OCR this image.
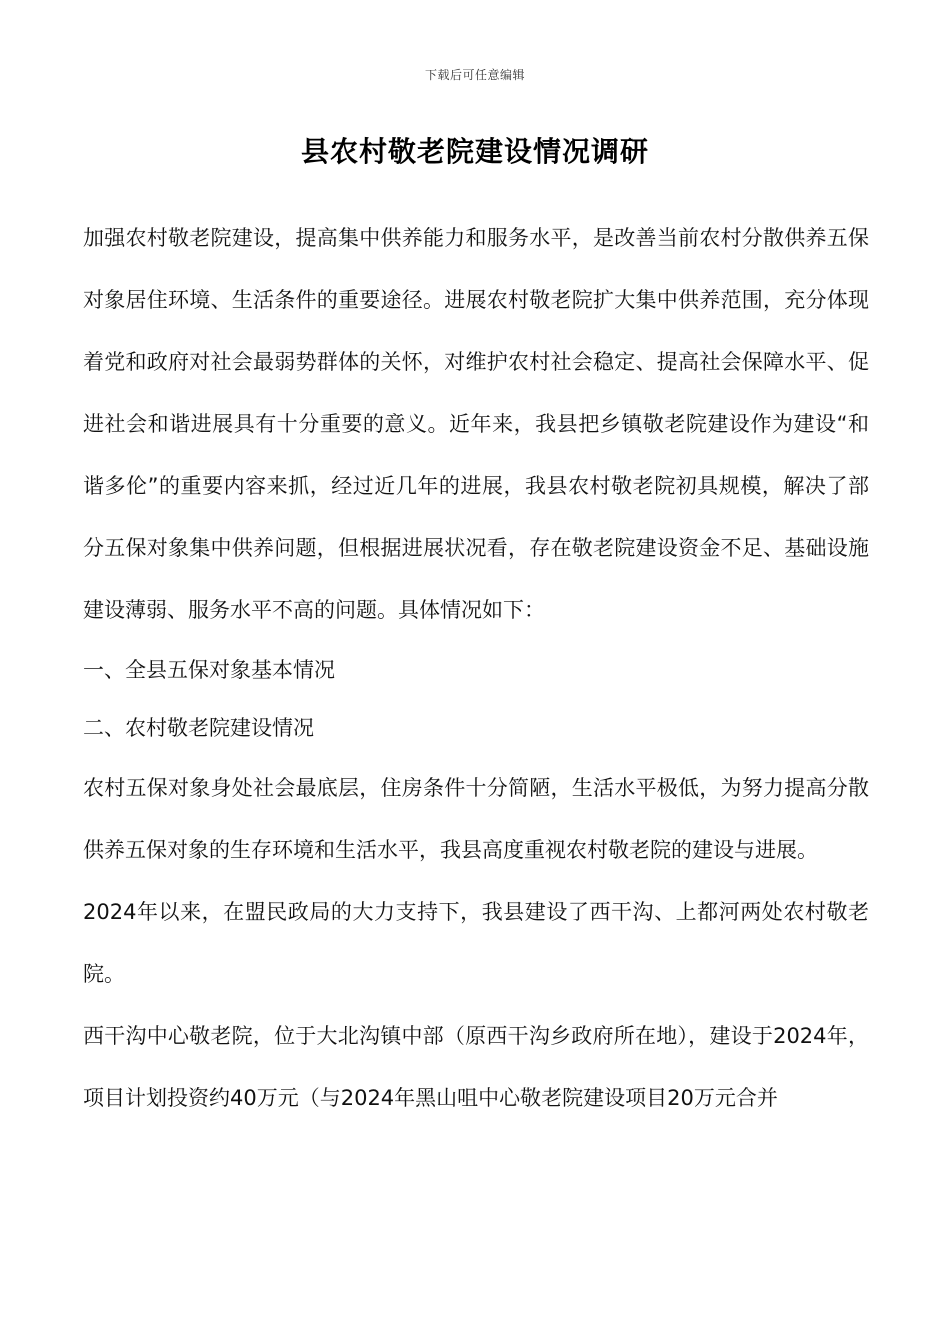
下载后可任意编辑
县农村敬老院建设情况调研

加强农村敬老院建设，提高集中供养能力和服务水平，是改善当前农村分散供养五保对象居住环境、生活条件的重要途径。进展农村敬老院扩大集中供养范围，充分体现着党和政府对社会最弱势群体的关怀，对维护农村社会稳定、提高社会保障水平、促进社会和谐进展具有十分重要的意义。近年来，我县把乡镇敬老院建设作为建设“和谐多伦”的重要内容来抓，经过近几年的进展，我县农村敬老院初具规模，解决了部分五保对象集中供养问题，但根据进展状况看，存在敬老院建设资金不足、基础设施建设薄弱、服务水平不高的问题。具体情况如下：

一、全县五保对象基本情况

二、农村敬老院建设情况

农村五保对象身处社会最底层，住房条件十分简陋，生活水平极低，为努力提高分散供养五保对象的生存环境和生活水平，我县高度重视农村敬老院的建设与进展。

2024年以来，在盟民政局的大力支持下，我县建设了西干沟、上都河两处农村敬老院。

西干沟中心敬老院，位于大北沟镇中部（原西干沟乡政府所在地），建设于2024年，项目计划投资约40万元（与2024年黑山咀中心敬老院建设项目20万元合并
